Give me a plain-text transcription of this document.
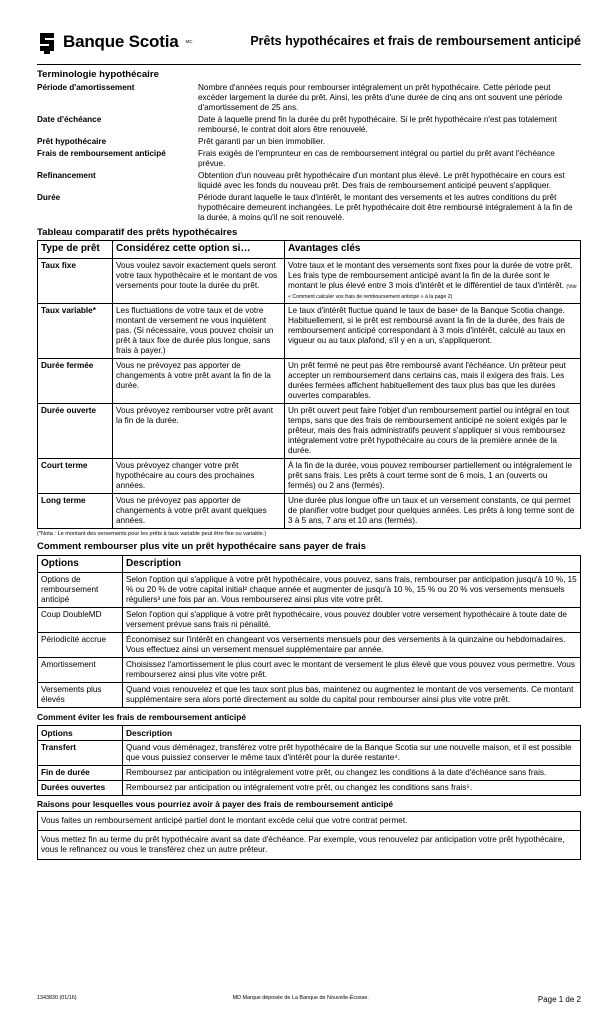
Banque Scotia MC	Prêts hypothécaires et frais de remboursement anticipé
Terminologie hypothécaire
Période d'amortissement	Nombre d'années requis pour rembourser intégralement un prêt hypothécaire. Cette période peut excéder largement la durée du prêt. Ainsi, les prêts d'une durée de cinq ans ont souvent une période d'amortissement de 25 ans.
Date d'échéance	Date à laquelle prend fin la durée du prêt hypothécaire. Si le prêt hypothécaire n'est pas totalement remboursé, le contrat doit alors être renouvelé.
Prêt hypothécaire	Prêt garanti par un bien immobilier.
Frais de remboursement anticipé	Frais exigés de l'emprunteur en cas de remboursement intégral ou partiel du prêt avant l'échéance prévue.
Refinancement	Obtention d'un nouveau prêt hypothécaire d'un montant plus élevé. Le prêt hypothécaire en cours est liquidé avec les fonds du nouveau prêt. Des frais de remboursement anticipé peuvent s'appliquer.
Durée	Période durant laquelle le taux d'intérêt, le montant des versements et les autres conditions du prêt hypothécaire demeurent inchangées. Le prêt hypothécaire doit être remboursé intégralement à la fin de la durée, à moins qu'il ne soit renouvelé.
Tableau comparatif des prêts hypothécaires
Type de prêt	Considérez cette option si…	Avantages clés
Taux fixe	Vous voulez savoir exactement quels seront votre taux hypothécaire et le montant de vos versements pour toute la durée du prêt.	Votre taux et le montant des versements sont fixes pour la durée de votre prêt. Les frais type de remboursement anticipé avant la fin de la durée sont le montant le plus élevé entre 3 mois d'intérêt et le différentiel de taux d'intérêt. (Voir « Comment calculer vos frais de remboursement anticipé » à la page 2)
Taux variable*	Les fluctuations de votre taux et de votre montant de versement ne vous inquiètent pas. (Si nécessaire, vous pouvez choisir un prêt à taux fixe de durée plus longue, sans frais à payer.)	Le taux d'intérêt fluctue quand le taux de base¹ de la Banque Scotia change. Habituellement, si le prêt est remboursé avant la fin de la durée, des frais de remboursement anticipé correspondant à 3 mois d'intérêt, calculé au taux en vigueur ou au taux plafond, s'il y en a un, s'appliqueront.
Durée fermée	Vous ne prévoyez pas apporter de changements à votre prêt avant la fin de la durée.	Un prêt fermé ne peut pas être remboursé avant l'échéance. Un prêteur peut accepter un remboursement dans certains cas, mais il exigera des frais. Les durées fermées affichent habituellement des taux plus bas que les durées ouvertes comparables.
Durée ouverte	Vous prévoyez rembourser votre prêt avant la fin de la durée.	Un prêt ouvert peut faire l'objet d'un remboursement partiel ou intégral en tout temps, sans que des frais de remboursement anticipé ne soient exigés par le prêteur, mais des frais administratifs peuvent s'appliquer si vous remboursez intégralement votre prêt hypothécaire au cours de la première année de la durée.
Court terme	Vous prévoyez changer votre prêt hypothécaire au cours des prochaines années.	À la fin de la durée, vous pouvez rembourser partiellement ou intégralement le prêt sans frais. Les prêts à court terme sont de 6 mois, 1 an (ouverts ou fermés) ou 2 ans (fermés).
Long terme	Vous ne prévoyez pas apporter de changements à votre prêt avant quelques années.	Une durée plus longue offre un taux et un versement constants, ce qui permet de planifier votre budget pour quelques années. Les prêts à long terme sont de 3 à 5 ans, 7 ans et 10 ans (fermés).
(*Nota : Le montant des versements pour les prêts à taux variable peut être fixe ou variable.)
Comment rembourser plus vite un prêt hypothécaire sans payer de frais
Options	Description
Options de remboursement anticipé	Selon l'option qui s'applique à votre prêt hypothécaire, vous pouvez, sans frais, rembourser par anticipation jusqu'à 10 %, 15 % ou 20 % de votre capital initial² chaque année et augmenter de jusqu'à 10 %, 15 % ou 20 % vos versements mensuels réguliers³ une fois par an. Vous rembourserez ainsi plus vite votre prêt.
Coup DoubleMD	Selon l'option qui s'applique à votre prêt hypothécaire, vous pouvez doubler votre versement hypothécaire à toute date de versement prévue sans frais ni pénalité.
Périodicité accrue	Économisez sur l'intérêt en changeant vos versements mensuels pour des versements à la quinzaine ou hebdomadaires. Vous effectuez ainsi un versement mensuel supplémentaire par année.
Amortissement	Choisissez l'amortissement le plus court avec le montant de versement le plus élevé que vous pouvez vous permettre. Vous rembourserez ainsi plus vite votre prêt.
Versements plus élevés	Quand vous renouvelez et que les taux sont plus bas, maintenez ou augmentez le montant de vos versements. Ce montant supplémentaire sera alors porté directement au solde du capital pour rembourser ainsi plus vite votre prêt.
Comment éviter les frais de remboursement anticipé
Options	Description
Transfert	Quand vous déménagez, transférez votre prêt hypothécaire de la Banque Scotia sur une nouvelle maison, et il est possible que vous puissiez conserver le même taux d'intérêt pour la durée restante⁴.
Fin de durée	Remboursez par anticipation ou intégralement votre prêt, ou changez les conditions à la date d'échéance sans frais.
Durées ouvertes	Remboursez par anticipation ou intégralement votre prêt, ou changez les conditions sans frais⁵.
Raisons pour lesquelles vous pourriez avoir à payer des frais de remboursement anticipé
Vous faites un remboursement anticipé partiel dont le montant excède celui que votre contrat permet.
Vous mettez fin au terme du prêt hypothécaire avant sa date d'échéance. Par exemple, vous renouvelez par anticipation votre prêt hypothécaire, vous le refinancez ou vous le transférez chez un autre prêteur.
1343830 (01/16)	MD Marque déposée de La Banque de Nouvelle-Écosse.	Page 1 de 2
